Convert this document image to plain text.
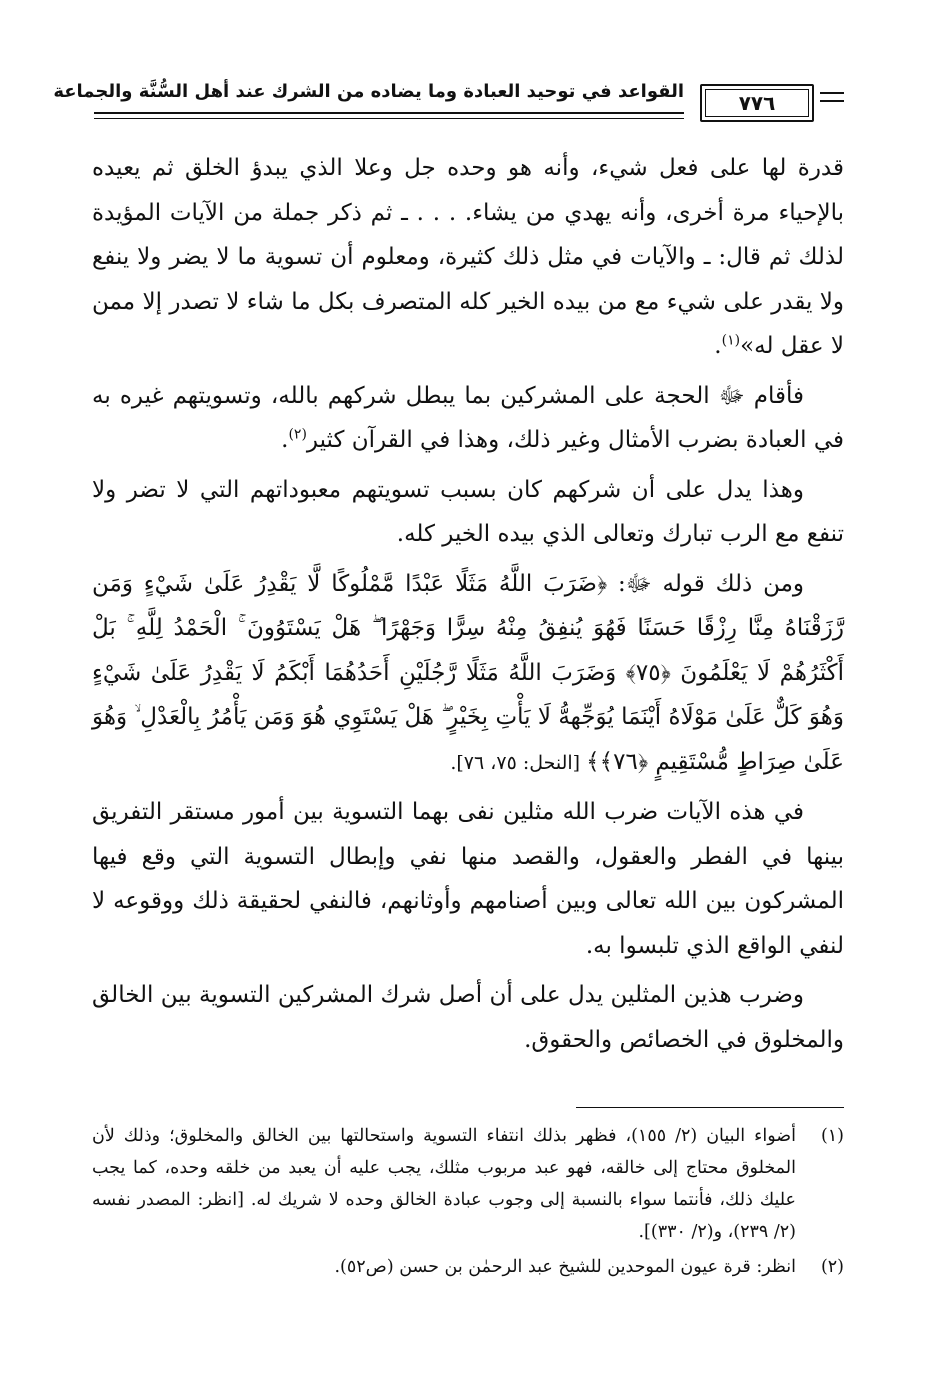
القواعد في توحيد العبادة وما يضاده من الشرك عند أهل السُّنَّة والجماعة	٧٧٦

قدرة لها على فعل شيء، وأنه هو وحده جل وعلا الذي يبدؤ الخلق ثم يعيده بالإحياء مرة أخرى، وأنه يهدي من يشاء. . . . ـ ثم ذكر جملة من الآيات المؤيدة لذلك ثم قال: ـ والآيات في مثل ذلك كثيرة، ومعلوم أن تسوية ما لا يضر ولا ينفع ولا يقدر على شيء مع من بيده الخير كله المتصرف بكل ما شاء لا تصدر إلا ممن لا عقل له»$^{(١)}$.

فأقام ﷻ الحجة على المشركين بما يبطل شركهم بالله، وتسويتهم غيره به في العبادة بضرب الأمثال وغير ذلك، وهذا في القرآن كثير$^{(٢)}$.

وهذا يدل على أن شركهم كان بسبب تسويتهم معبوداتهم التي لا تضر ولا تنفع مع الرب تبارك وتعالى الذي بيده الخير كله.

ومن ذلك قوله ﷻ: ﴿ضَرَبَ اللَّهُ مَثَلًا عَبْدًا مَّمْلُوكًا لَّا يَقْدِرُ عَلَىٰ شَيْءٍ وَمَن رَّزَقْنَاهُ مِنَّا رِزْقًا حَسَنًا فَهُوَ يُنفِقُ مِنْهُ سِرًّا وَجَهْرًا ۖ هَلْ يَسْتَوُونَ ۚ الْحَمْدُ لِلَّهِ ۚ بَلْ أَكْثَرُهُمْ لَا يَعْلَمُونَ ﴿٧٥﴾ وَضَرَبَ اللَّهُ مَثَلًا رَّجُلَيْنِ أَحَدُهُمَا أَبْكَمُ لَا يَقْدِرُ عَلَىٰ شَيْءٍ وَهُوَ كَلٌّ عَلَىٰ مَوْلَاهُ أَيْنَمَا يُوَجِّههُّ لَا يَأْتِ بِخَيْرٍ ۖ هَلْ يَسْتَوِي هُوَ وَمَن يَأْمُرُ بِالْعَدْلِ ۙ وَهُوَ عَلَىٰ صِرَاطٍ مُّسْتَقِيمٍ ﴿٧٦﴾﴾ [النحل: ٧٥، ٧٦].

في هذه الآيات ضرب الله مثلين نفى بهما التسوية بين أمور مستقر التفريق بينها في الفطر والعقول، والقصد منها نفي وإبطال التسوية التي وقع فيها المشركون بين الله تعالى وبين أصنامهم وأوثانهم، فالنفي لحقيقة ذلك ووقوعه لا لنفي الواقع الذي تلبسوا به.

وضرب هذين المثلين يدل على أن أصل شرك المشركين التسوية بين الخالق والمخلوق في الخصائص والحقوق.

(١)
أضواء البيان (٢/ ١٥٥)، فظهر بذلك انتفاء التسوية واستحالتها بين الخالق والمخلوق؛ وذلك لأن المخلوق محتاج إلى خالقه، فهو عبد مربوب مثلك، يجب عليه أن يعبد من خلقه وحده، كما يجب عليك ذلك، فأنتما سواء بالنسبة إلى وجوب عبادة الخالق وحده لا شريك له. [انظر: المصدر نفسه (٢/ ٢٣٩)، و(٢/ ٣٣٠)].
(٢)
انظر: قرة عيون الموحدين للشيخ عبد الرحمٰن بن حسن (ص٥٢).
